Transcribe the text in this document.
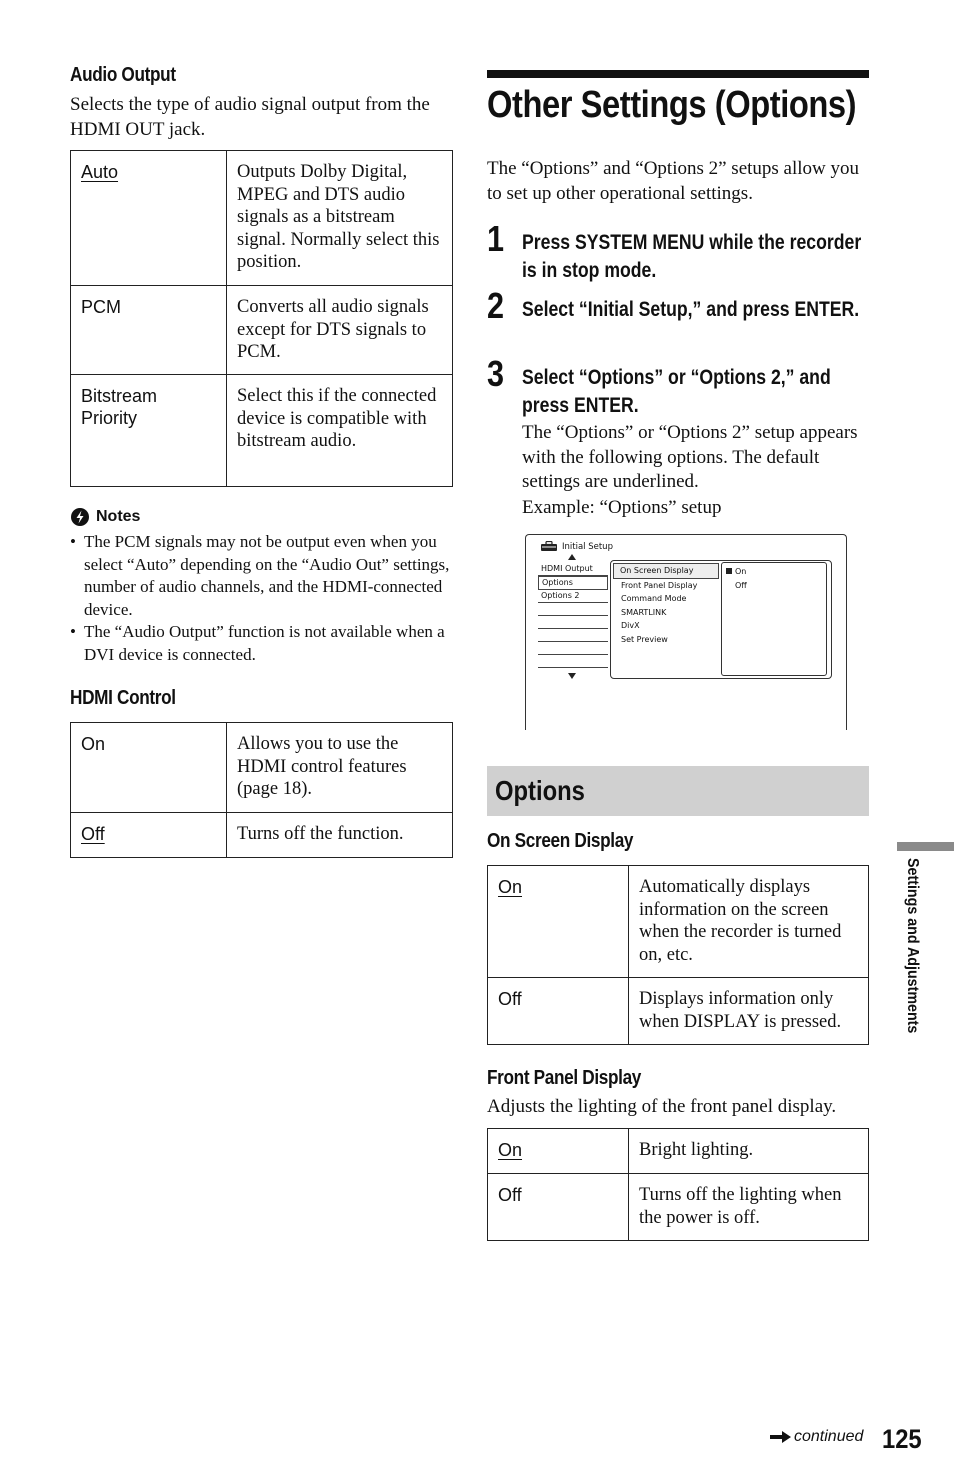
Audio Output
Selects the type of audio signal output from the HDMI OUT jack.
Auto	Outputs Dolby Digital, MPEG and DTS audio signals as a bitstream signal. Normally select this position.
PCM	Converts all audio signals except for DTS signals to PCM.

Bitstream Priority	Select this if the connected device is compatible with bitstream audio.
Notes
• The PCM signals may not be output even when you select “Auto” depending on the “Audio Out” settings, number of audio channels, and the HDMI-connected device.
• The “Audio Output” function is not available when a DVI device is connected.
HDMI Control
On	Allows you to use the HDMI control features (page 18).
Off	Turns off the function.
Other Settings (Options)
The “Options” and “Options 2” setups allow you to set up other operational settings.
1 Press SYSTEM MENU while the recorder is in stop mode.
2 Select “Initial Setup,” and press ENTER.
3 Select “Options” or “Options 2,” and press ENTER.
The “Options” or “Options 2” setup appears with the following options. The default settings are underlined.
Example: “Options” setup
Initial Setup
HDMI Output
Options
Options 2
On Screen Display
Front Panel Display
Command Mode
SMARTLINK
DivX
Set Preview
On
Off
Options
On Screen Display
On	Automatically displays information on the screen when the recorder is turned on, etc.
Off	Displays information only when DISPLAY is pressed.
Front Panel Display
Adjusts the lighting of the front panel display.
On	Bright lighting.
Off	Turns off the lighting when the power is off.
Settings and Adjustments
continued 125
